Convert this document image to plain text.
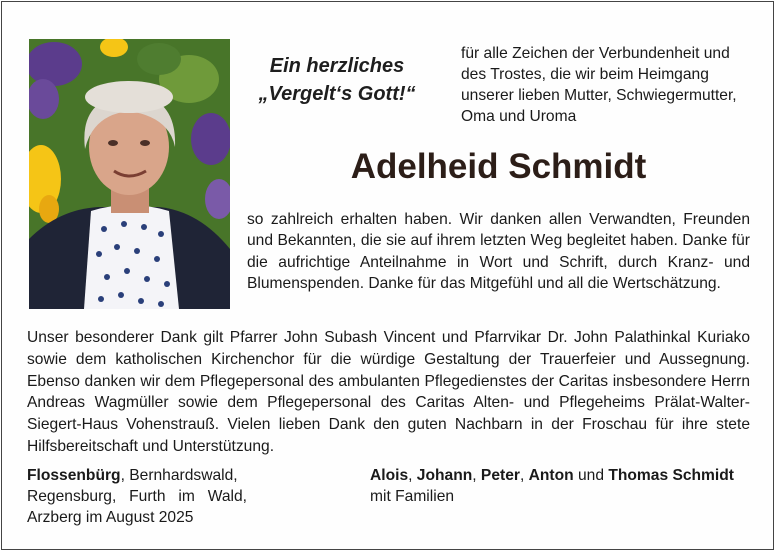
Ein herzliches
„Vergelt‘s Gott!“
für alle Zeichen der Verbundenheit und
des Trostes, die wir beim Heimgang
unserer lieben Mutter, Schwiegermutter,
Oma und Uroma
Adelheid Schmidt
so zahlreich erhalten haben. Wir danken allen Verwandten, Freunden und Bekannten, die sie auf ihrem letzten Weg begleitet haben. Danke für die aufrichtige Anteilnahme in Wort und Schrift, durch Kranz- und Blumenspenden. Danke für das Mitgefühl und all die Wertschätzung.
Unser besonderer Dank gilt Pfarrer John Subash Vincent und Pfarrvikar Dr. John Palathinkal Kuriako sowie dem katholischen Kirchenchor für die würdige Gestaltung der Trauerfeier und Aussegnung. Ebenso danken wir dem Pflegepersonal des ambulanten Pflegedienstes der Caritas insbesondere Herrn Andreas Wagmüller sowie dem Pflegepersonal des Caritas Alten- und Pflegeheims Prälat-Walter-Siegert-Haus Vohenstrauß. Vielen lieben Dank den guten Nachbarn in der Froschau für ihre stete Hilfsbereitschaft und Unterstützung.
Flossenbürg, Bernhardswald,
Regensburg, Furth im Wald,
Arzberg im August 2025
Alois, Johann, Peter, Anton und Thomas Schmidt
mit Familien
